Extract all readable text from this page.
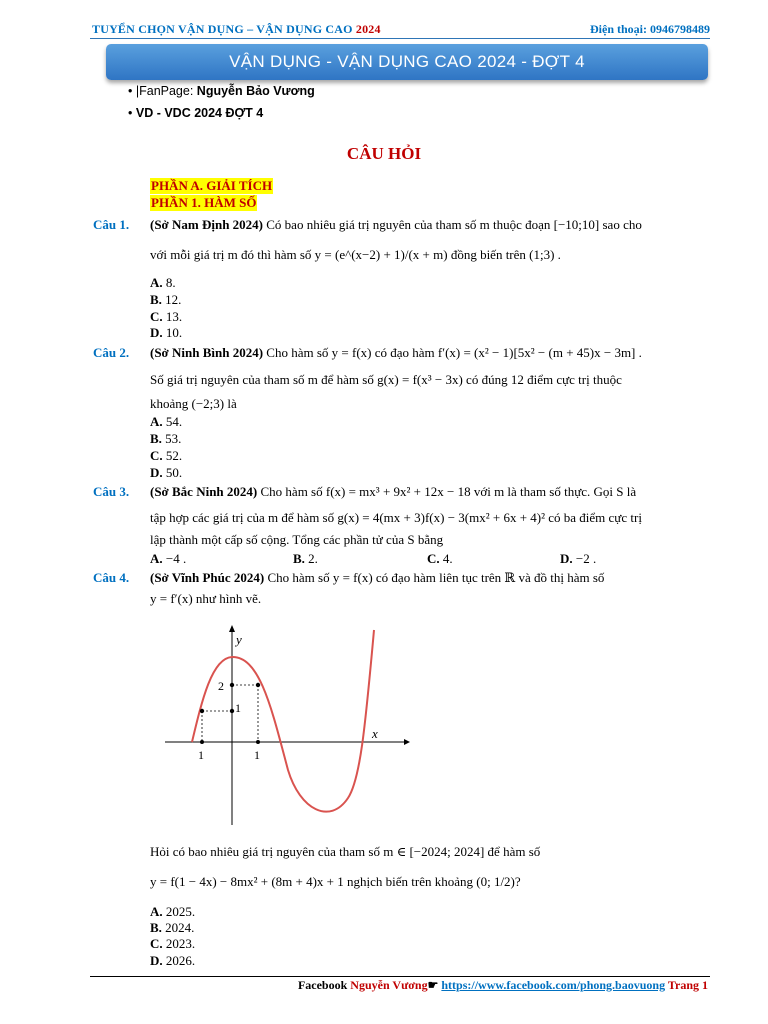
TUYỂN CHỌN VẬN DỤNG – VẬN DỤNG CAO 2024	Điện thoại: 0946798489
VẬN DỤNG - VẬN DỤNG CAO 2024 - ĐỢT 4
• |FanPage: Nguyễn Bảo Vương
• VD - VDC 2024 ĐỢT 4
CÂU HỎI
PHẦN A. GIẢI TÍCH
PHẦN 1. HÀM SỐ
Câu 1. (Sở Nam Định 2024) Có bao nhiêu giá trị nguyên của tham số m thuộc đoạn [−10;10] sao cho
với mỗi giá trị m đó thì hàm số y = (e^(x−2) + 1)/(x + m) đồng biến trên (1;3) .
A. 8.
B. 12.
C. 13.
D. 10.
Câu 2. (Sở Ninh Bình 2024) Cho hàm số y = f(x) có đạo hàm f′(x) = (x² − 1)[5x² − (m + 45)x − 3m] .
Số giá trị nguyên của tham số m để hàm số g(x) = f(x³ − 3x) có đúng 12 điểm cực trị thuộc
khoảng (−2;3) là
A. 54.
B. 53.
C. 52.
D. 50.
Câu 3. (Sở Bắc Ninh 2024) Cho hàm số f(x) = mx³ + 9x² + 12x − 18 với m là tham số thực. Gọi S là
tập hợp các giá trị của m để hàm số g(x) = 4(mx + 3)f(x) − 3(mx² + 6x + 4)² có ba điểm cực trị
lập thành một cấp số cộng. Tổng các phần tử của S bằng
A. −4 .	B. 2.	C. 4.	D. −2 .
Câu 4. (Sở Vĩnh Phúc 2024) Cho hàm số y = f(x) có đạo hàm liên tục trên ℝ và đồ thị hàm số
y = f′(x) như hình vẽ.
y
x
2
1
1	1
Hỏi có bao nhiêu giá trị nguyên của tham số m ∈ [−2024; 2024] để hàm số
y = f(1 − 4x) − 8mx² + (8m + 4)x + 1 nghịch biến trên khoảng (0; 1/2)?
A. 2025.
B. 2024.
C. 2023.
D. 2026.
Facebook Nguyễn Vương☛ https://www.facebook.com/phong.baovuong Trang 1
